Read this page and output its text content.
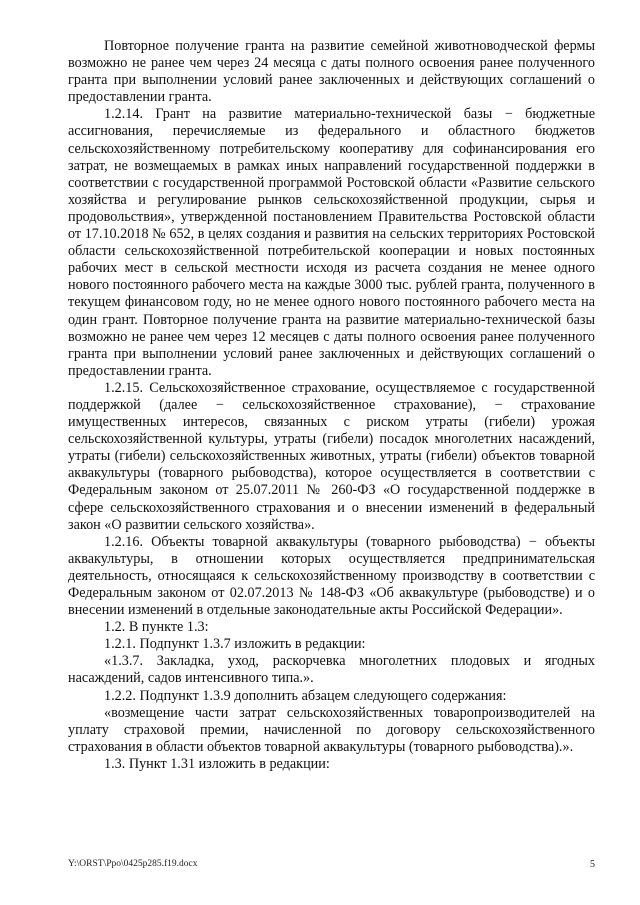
Повторное получение гранта на развитие семейной животноводческой фермы возможно не ранее чем через 24 месяца с даты полного освоения ранее полученного гранта при выполнении условий ранее заключенных и действующих соглашений о предоставлении гранта.

1.2.14. Грант на развитие материально-технической базы − бюджетные ассигнования, перечисляемые из федерального и областного бюджетов сельскохозяйственному потребительскому кооперативу для софинансирования его затрат, не возмещаемых в рамках иных направлений государственной поддержки в соответствии с государственной программой Ростовской области «Развитие сельского хозяйства и регулирование рынков сельскохозяйственной продукции, сырья и продовольствия», утвержденной постановлением Правительства Ростовской области от 17.10.2018 № 652, в целях создания и развития на сельских территориях Ростовской области сельскохозяйственной потребительской кооперации и новых постоянных рабочих мест в сельской местности исходя из расчета создания не менее одного нового постоянного рабочего места на каждые 3000 тыс. рублей гранта, полученного в текущем финансовом году, но не менее одного нового постоянного рабочего места на один грант. Повторное получение гранта на развитие материально-технической базы возможно не ранее чем через 12 месяцев с даты полного освоения ранее полученного гранта при выполнении условий ранее заключенных и действующих соглашений о предоставлении гранта.

1.2.15. Сельскохозяйственное страхование, осуществляемое с государственной поддержкой (далее − сельскохозяйственное страхование), − страхование имущественных интересов, связанных с риском утраты (гибели) урожая сельскохозяйственной культуры, утраты (гибели) посадок многолетних насаждений, утраты (гибели) сельскохозяйственных животных, утраты (гибели) объектов товарной аквакультуры (товарного рыбоводства), которое осуществляется в соответствии с Федеральным законом от 25.07.2011 № 260-ФЗ «О государственной поддержке в сфере сельскохозяйственного страхования и о внесении изменений в федеральный закон «О развитии сельского хозяйства».

1.2.16. Объекты товарной аквакультуры (товарного рыбоводства) − объекты аквакультуры, в отношении которых осуществляется предпринимательская деятельность, относящаяся к сельскохозяйственному производству в соответствии с Федеральным законом от 02.07.2013 № 148-ФЗ «Об аквакультуре (рыбоводстве) и о внесении изменений в отдельные законодательные акты Российской Федерации».

1.2. В пункте 1.3:

1.2.1. Подпункт 1.3.7 изложить в редакции:

«1.3.7. Закладка, уход, раскорчевка многолетних плодовых и ягодных насаждений, садов интенсивного типа.».

1.2.2. Подпункт 1.3.9 дополнить абзацем следующего содержания:

«возмещение части затрат сельскохозяйственных товаропроизводителей на уплату страховой премии, начисленной по договору сельскохозяйственного страхования в области объектов товарной аквакультуры (товарного рыбоводства).».

1.3. Пункт 1.31 изложить в редакции:

Y:\ORST\Ppo\0425p285.f19.docx	5
